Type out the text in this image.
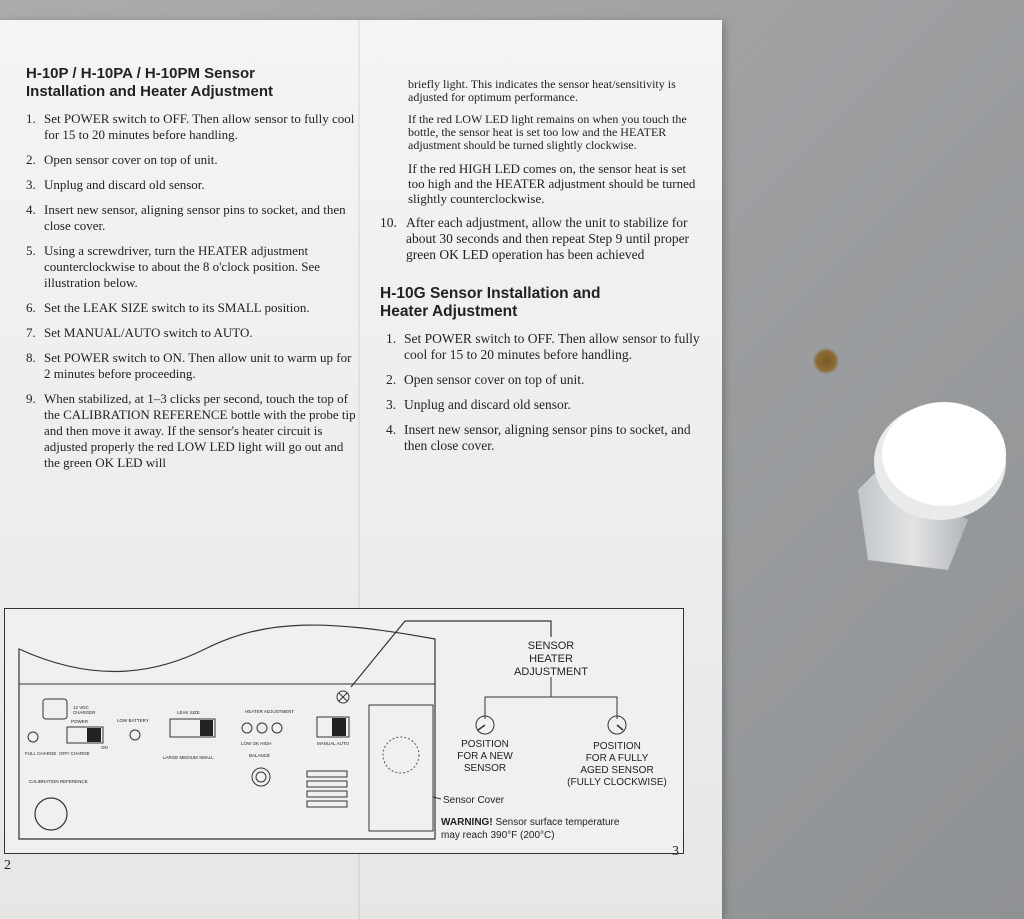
H-10P / H-10PA / H-10PM Sensor
Installation and Heater Adjustment
1. Set POWER switch to OFF. Then allow sensor to fully cool for 15 to 20 minutes before handling.
2. Open sensor cover on top of unit.
3. Unplug and discard old sensor.
4. Insert new sensor, aligning sensor pins to socket, and then close cover.
5. Using a screwdriver, turn the HEATER adjustment counterclockwise to about the 8 o'clock position. See illustration below.
6. Set the LEAK SIZE switch to its SMALL position.
7. Set MANUAL/AUTO switch to AUTO.
8. Set POWER switch to ON. Then allow unit to warm up for 2 minutes before proceeding.
9. When stabilized, at 1–3 clicks per second, touch the top of the CALIBRATION REFERENCE bottle with the probe tip and then move it away. If the sensor's heater circuit is adjusted properly the red LOW LED light will go out and the green OK LED will

briefly light. This indicates the sensor heat/sensitivity is adjusted for optimum performance.

If the red LOW LED light remains on when you touch the bottle, the sensor heat is set too low and the HEATER adjustment should be turned slightly clockwise.

If the red HIGH LED comes on, the sensor heat is set too high and the HEATER adjustment should be turned slightly counterclockwise.

10. After each adjustment, allow the unit to stabilize for about 30 seconds and then repeat Step 9 until proper green OK LED operation has been achieved
H-10G Sensor Installation and
Heater Adjustment
1. Set POWER switch to OFF. Then allow sensor to fully cool for 15 to 20 minutes before handling.
2. Open sensor cover on top of unit.
3. Unplug and discard old sensor.
4. Insert new sensor, aligning sensor pins to socket, and then close cover.
12 VDC
CHARGER
POWER	LOW BATTERY
LEAK SIZE	HEATER ADJUSTMENT
FULL CHARGE OFF/ CHARGE
ON
LARGE MEDIUM SMALL
LOW OK HIGH	MANUAL AUTO
BALANCE
CALIBRATION REFERENCE
SENSOR
HEATER
ADJUSTMENT
POSITION
FOR A NEW
SENSOR
POSITION
FOR A FULLY
AGED SENSOR
(FULLY CLOCKWISE)
Sensor Cover
WARNING! Sensor surface temperature
may reach 390°F (200°C)
2
3
